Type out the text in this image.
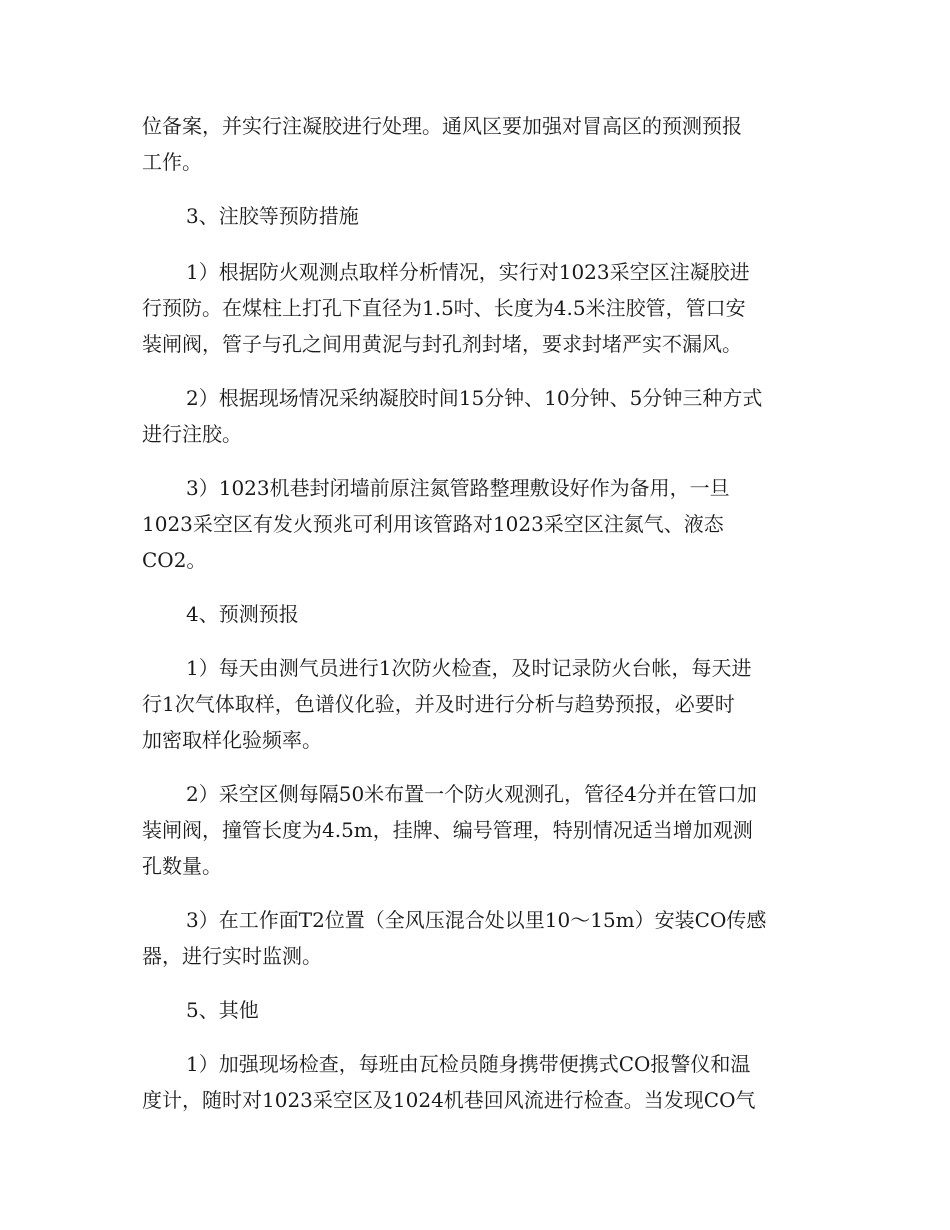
位备案，并实行注凝胶进行处理。通风区要加强对冒高区的预测预报
工作。
3、注胶等预防措施
1）根据防火观测点取样分析情况，实行对1023采空区注凝胶进
行预防。在煤柱上打孔下直径为1.5吋、长度为4.5米注胶管，管口安
装闸阀，管子与孔之间用黄泥与封孔剂封堵，要求封堵严实不漏风。
2）根据现场情况采纳凝胶时间15分钟、10分钟、5分钟三种方式
进行注胶。
3）1023机巷封闭墙前原注氮管路整理敷设好作为备用，一旦
1023采空区有发火预兆可利用该管路对1023采空区注氮气、液态
CO2。
4、预测预报
1）每天由测气员进行1次防火检查，及时记录防火台帐，每天进
行1次气体取样，色谱仪化验，并及时进行分析与趋势预报，必要时
加密取样化验频率。
2）采空区侧每隔50米布置一个防火观测孔，管径4分并在管口加
装闸阀，撞管长度为4.5m，挂牌、编号管理，特别情况适当增加观测
孔数量。
3）在工作面T2位置（全风压混合处以里10～15m）安装CO传感
器，进行实时监测。
5、其他
1）加强现场检查，每班由瓦检员随身携带便携式CO报警仪和温
度计，随时对1023采空区及1024机巷回风流进行检查。当发现CO气
